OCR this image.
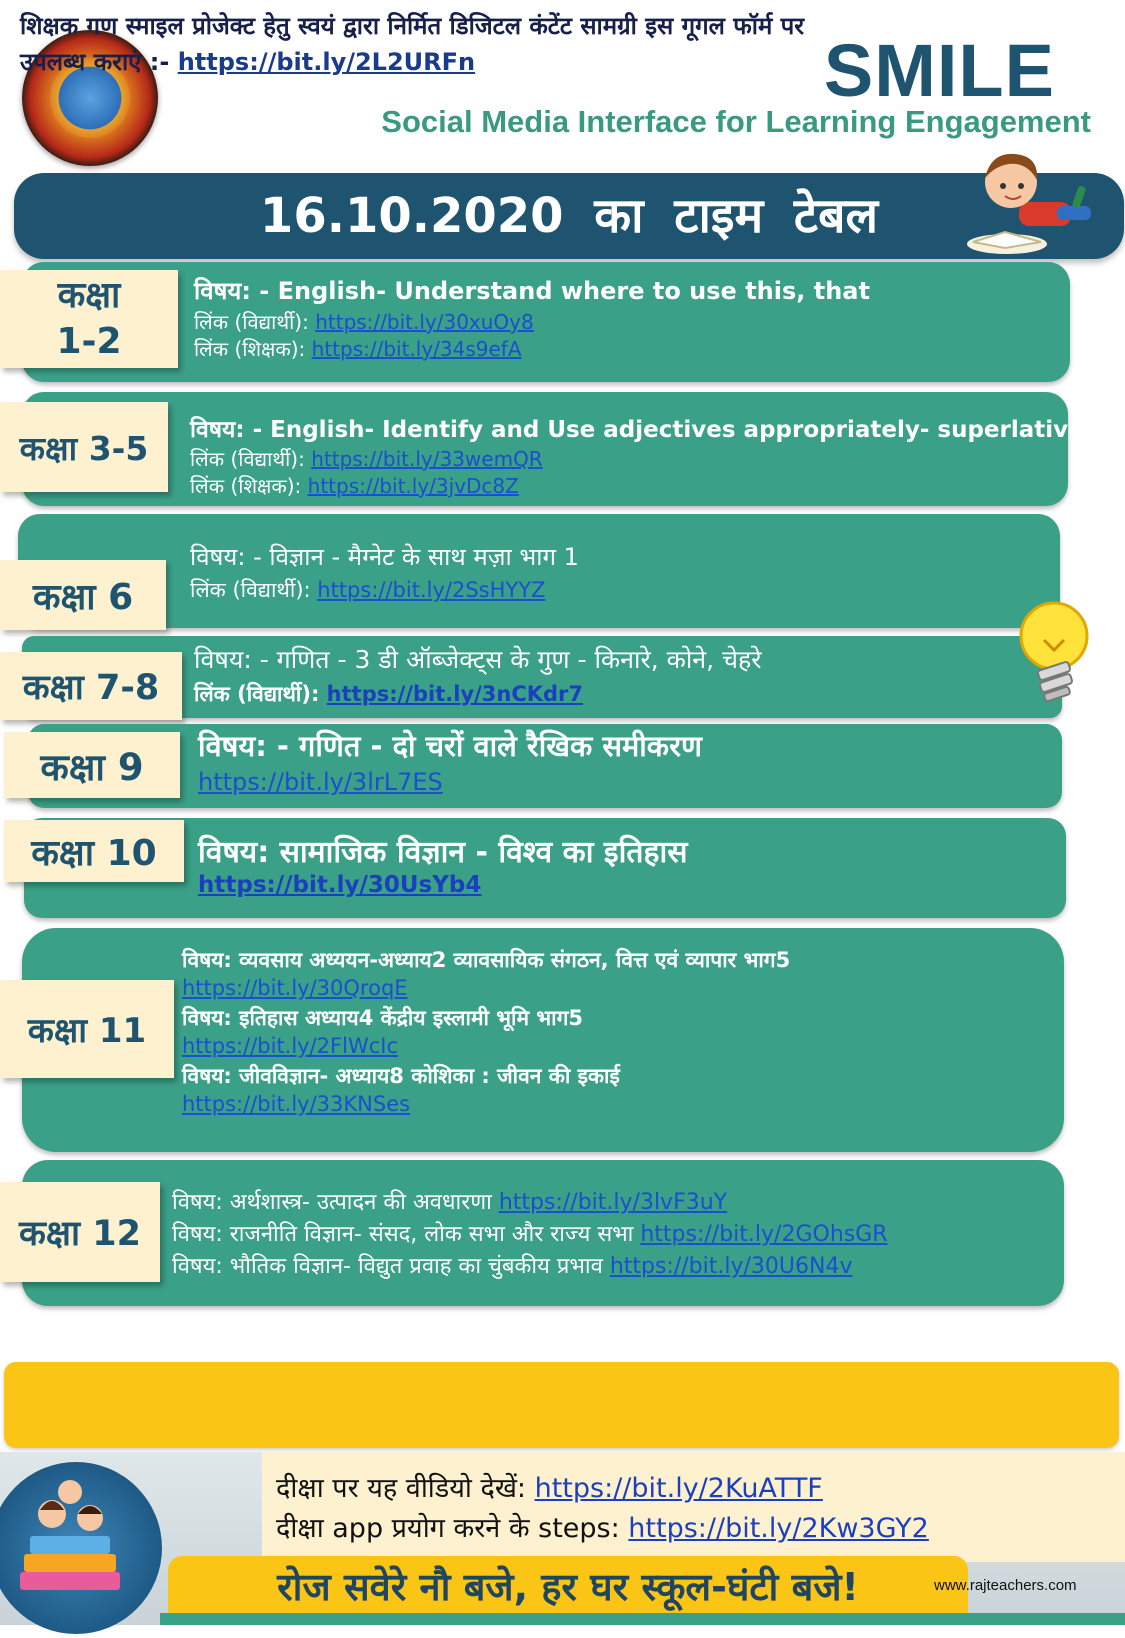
SMILE
Social Media Interface for Learning Engagement
16.10.2020 का टाइम टेबल
कक्षा
1-2
विषय: - English- Understand where to use this, that
लिंक (विद्यार्थी): https://bit.ly/30xuOy8
लिंक (शिक्षक): https://bit.ly/34s9efA
कक्षा 3-5	विषय: - English- Identify and Use adjectives appropriately- superlatives
लिंक (विद्यार्थी): https://bit.ly/33wemQR
लिंक (शिक्षक): https://bit.ly/3jvDc8Z
कक्षा 6
विषय: - विज्ञान - मैग्नेट के साथ मज़ा भाग 1
लिंक (विद्यार्थी): https://bit.ly/2SsHYYZ
कक्षा 7-8
विषय: - गणित - 3 डी ऑब्जेक्ट्स के गुण - किनारे, कोने, चेहरे
लिंक (विद्यार्थी): https://bit.ly/3nCKdr7
कक्षा 9	विषय: - गणित - दो चरों वाले रैखिक समीकरण
https://bit.ly/3lrL7ES
कक्षा 10	विषय: सामाजिक विज्ञान - विश्व का इतिहास
https://bit.ly/30UsYb4
कक्षा 11
विषय: व्यवसाय अध्ययन-अध्याय2 व्यावसायिक संगठन, वित्त एवं व्यापार भाग5
https://bit.ly/30QroqE
विषय: इतिहास अध्याय4 केंद्रीय इस्लामी भूमि भाग5
https://bit.ly/2FlWcIc
विषय: जीवविज्ञान- अध्याय8 कोशिका : जीवन की इकाई
https://bit.ly/33KNSes
कक्षा 12
विषय: अर्थशास्त्र- उत्पादन की अवधारणा https://bit.ly/3lvF3uY
विषय: राजनीति विज्ञान- संसद, लोक सभा और राज्य सभा https://bit.ly/2GOhsGR
विषय: भौतिक विज्ञान- विद्युत प्रवाह का चुंबकीय प्रभाव https://bit.ly/30U6N4v
शिक्षक गण स्माइल प्रोजेक्ट हेतु स्वयं द्वारा निर्मित डिजिटल कंटेंट सामग्री इस गूगल फॉर्म पर
उपलब्ध कराएं :- https://bit.ly/2L2URFn
दीक्षा पर यह वीडियो देखें: https://bit.ly/2KuATTF
दीक्षा app प्रयोग करने के steps: https://bit.ly/2Kw3GY2
रोज सवेरे नौ बजे, हर घर स्कूल-घंटी बजे!	www.rajteachers.com
